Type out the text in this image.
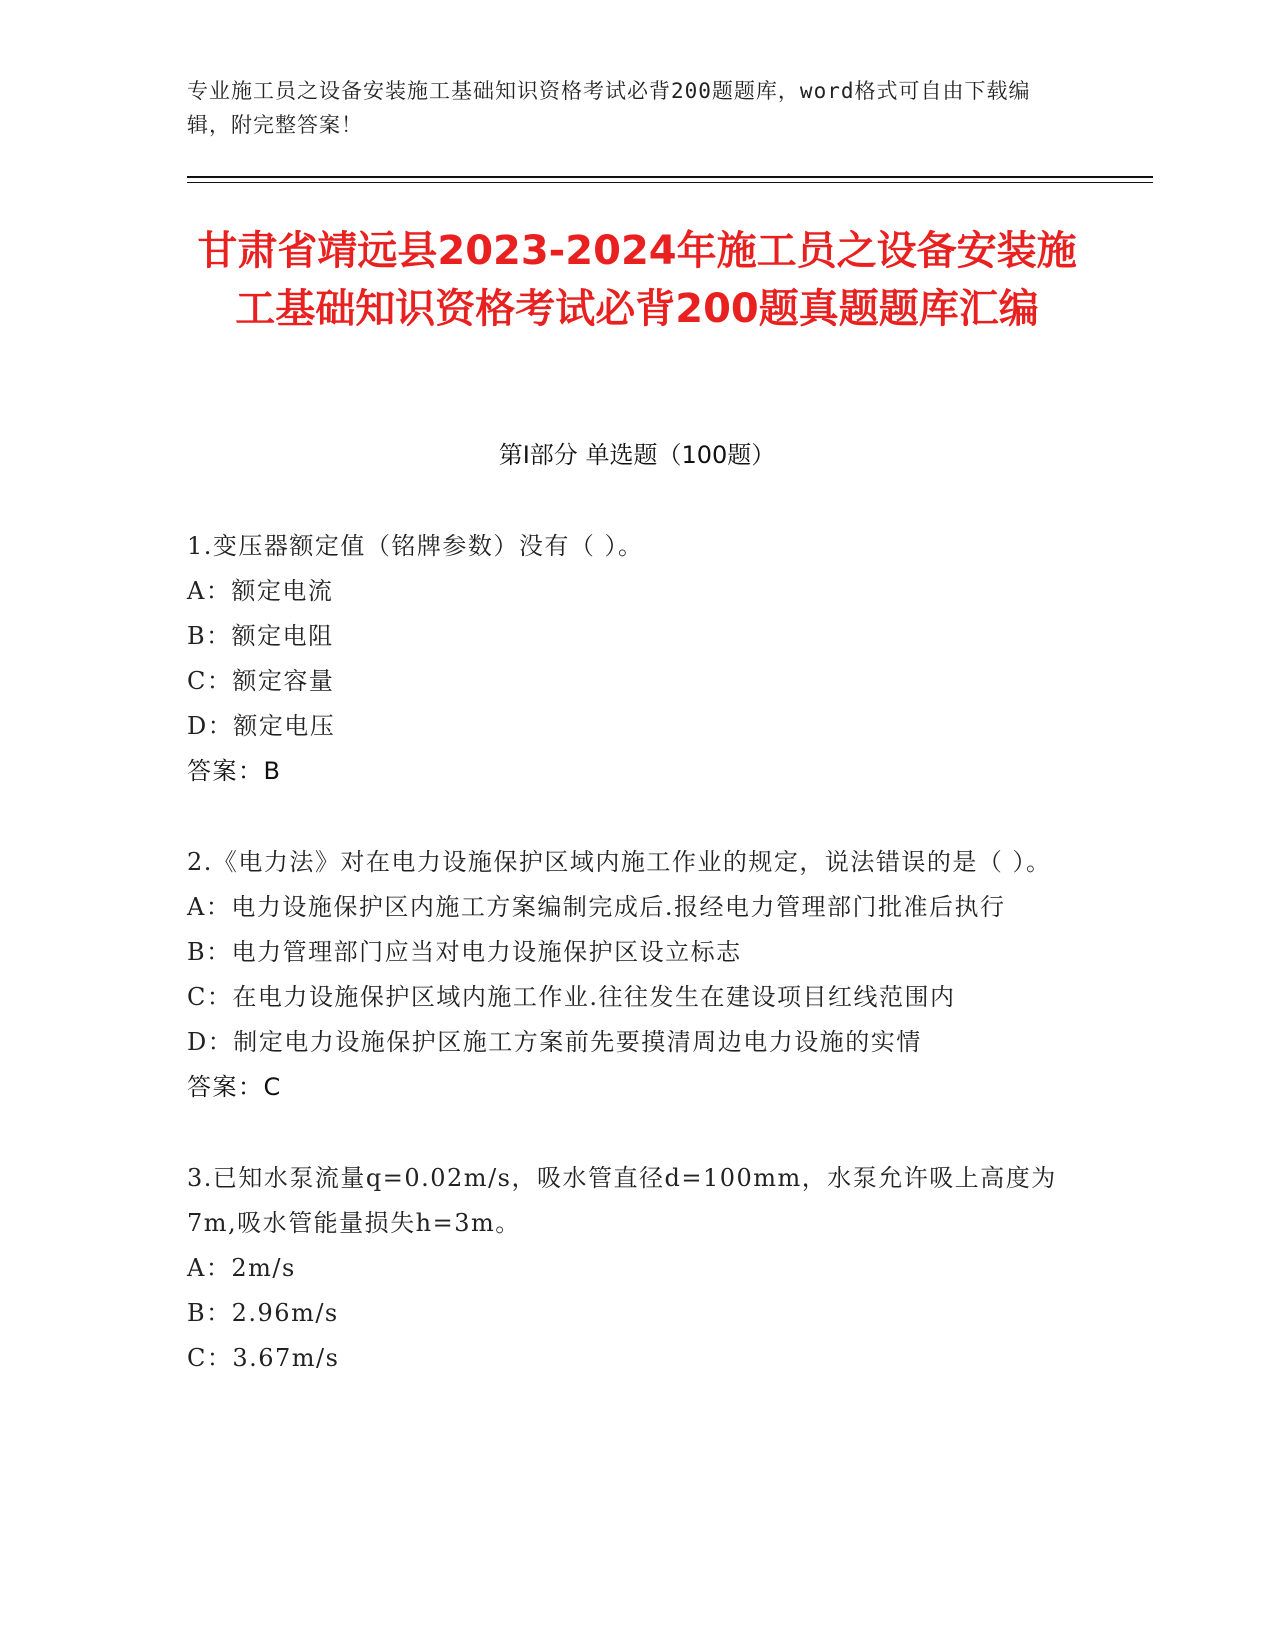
专业施工员之设备安装施工基础知识资格考试必背200题题库，word格式可自由下载编辑，附完整答案！
甘肃省靖远县2023-2024年施工员之设备安装施工基础知识资格考试必背200题真题题库汇编
第Ⅰ部分 单选题（100题）

1.变压器额定值（铭牌参数）没有（ ）。

A：额定电流

B：额定电阻

C：额定容量

D：额定电压

答案：B

2.《电力法》对在电力设施保护区域内施工作业的规定，说法错误的是（ ）。

A：电力设施保护区内施工方案编制完成后.报经电力管理部门批准后执行

B：电力管理部门应当对电力设施保护区设立标志

C：在电力设施保护区域内施工作业.往往发生在建设项目红线范围内

D：制定电力设施保护区施工方案前先要摸清周边电力设施的实情

答案：C

3.已知水泵流量q=0.02m/s，吸水管直径d=100mm，水泵允许吸上高度为7m,吸水管能量损失h=3m。

A：2m/s

B：2.96m/s

C：3.67m/s
